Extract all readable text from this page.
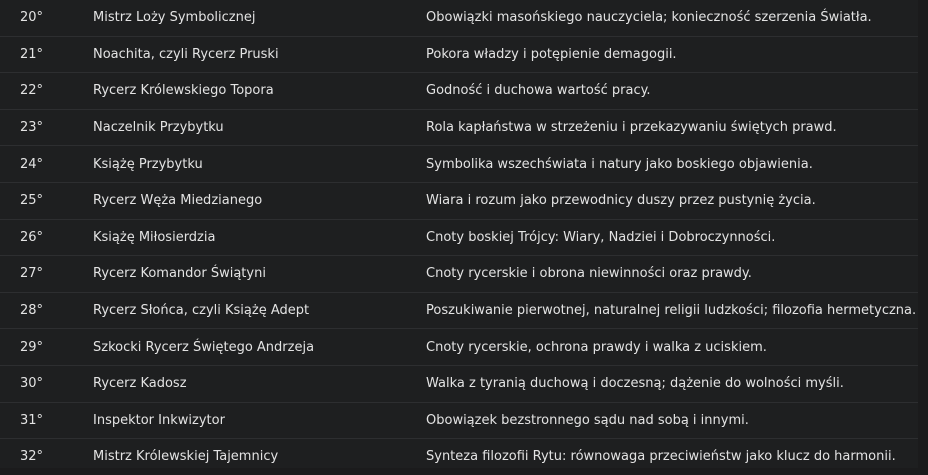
20°	Mistrz Loży Symbolicznej	Obowiązki masońskiego nauczyciela; konieczność szerzenia Światła.
21°	Noachita, czyli Rycerz Pruski	Pokora władzy i potępienie demagogii.
22°	Rycerz Królewskiego Topora	Godność i duchowa wartość pracy.
23°	Naczelnik Przybytku	Rola kapłaństwa w strzeżeniu i przekazywaniu świętych prawd.
24°	Książę Przybytku	Symbolika wszechświata i natury jako boskiego objawienia.
25°	Rycerz Węża Miedzianego	Wiara i rozum jako przewodnicy duszy przez pustynię życia.
26°	Książę Miłosierdzia	Cnoty boskiej Trójcy: Wiary, Nadziei i Dobroczynności.
27°	Rycerz Komandor Świątyni	Cnoty rycerskie i obrona niewinności oraz prawdy.
28°	Rycerz Słońca, czyli Książę Adept	Poszukiwanie pierwotnej, naturalnej religii ludzkości; filozofia hermetyczna.
29°	Szkocki Rycerz Świętego Andrzeja	Cnoty rycerskie, ochrona prawdy i walka z uciskiem.
30°	Rycerz Kadosz	Walka z tyranią duchową i doczesną; dążenie do wolności myśli.
31°	Inspektor Inkwizytor	Obowiązek bezstronnego sądu nad sobą i innymi.
32°	Mistrz Królewskiej Tajemnicy	Synteza filozofii Rytu: równowaga przeciwieństw jako klucz do harmonii.
